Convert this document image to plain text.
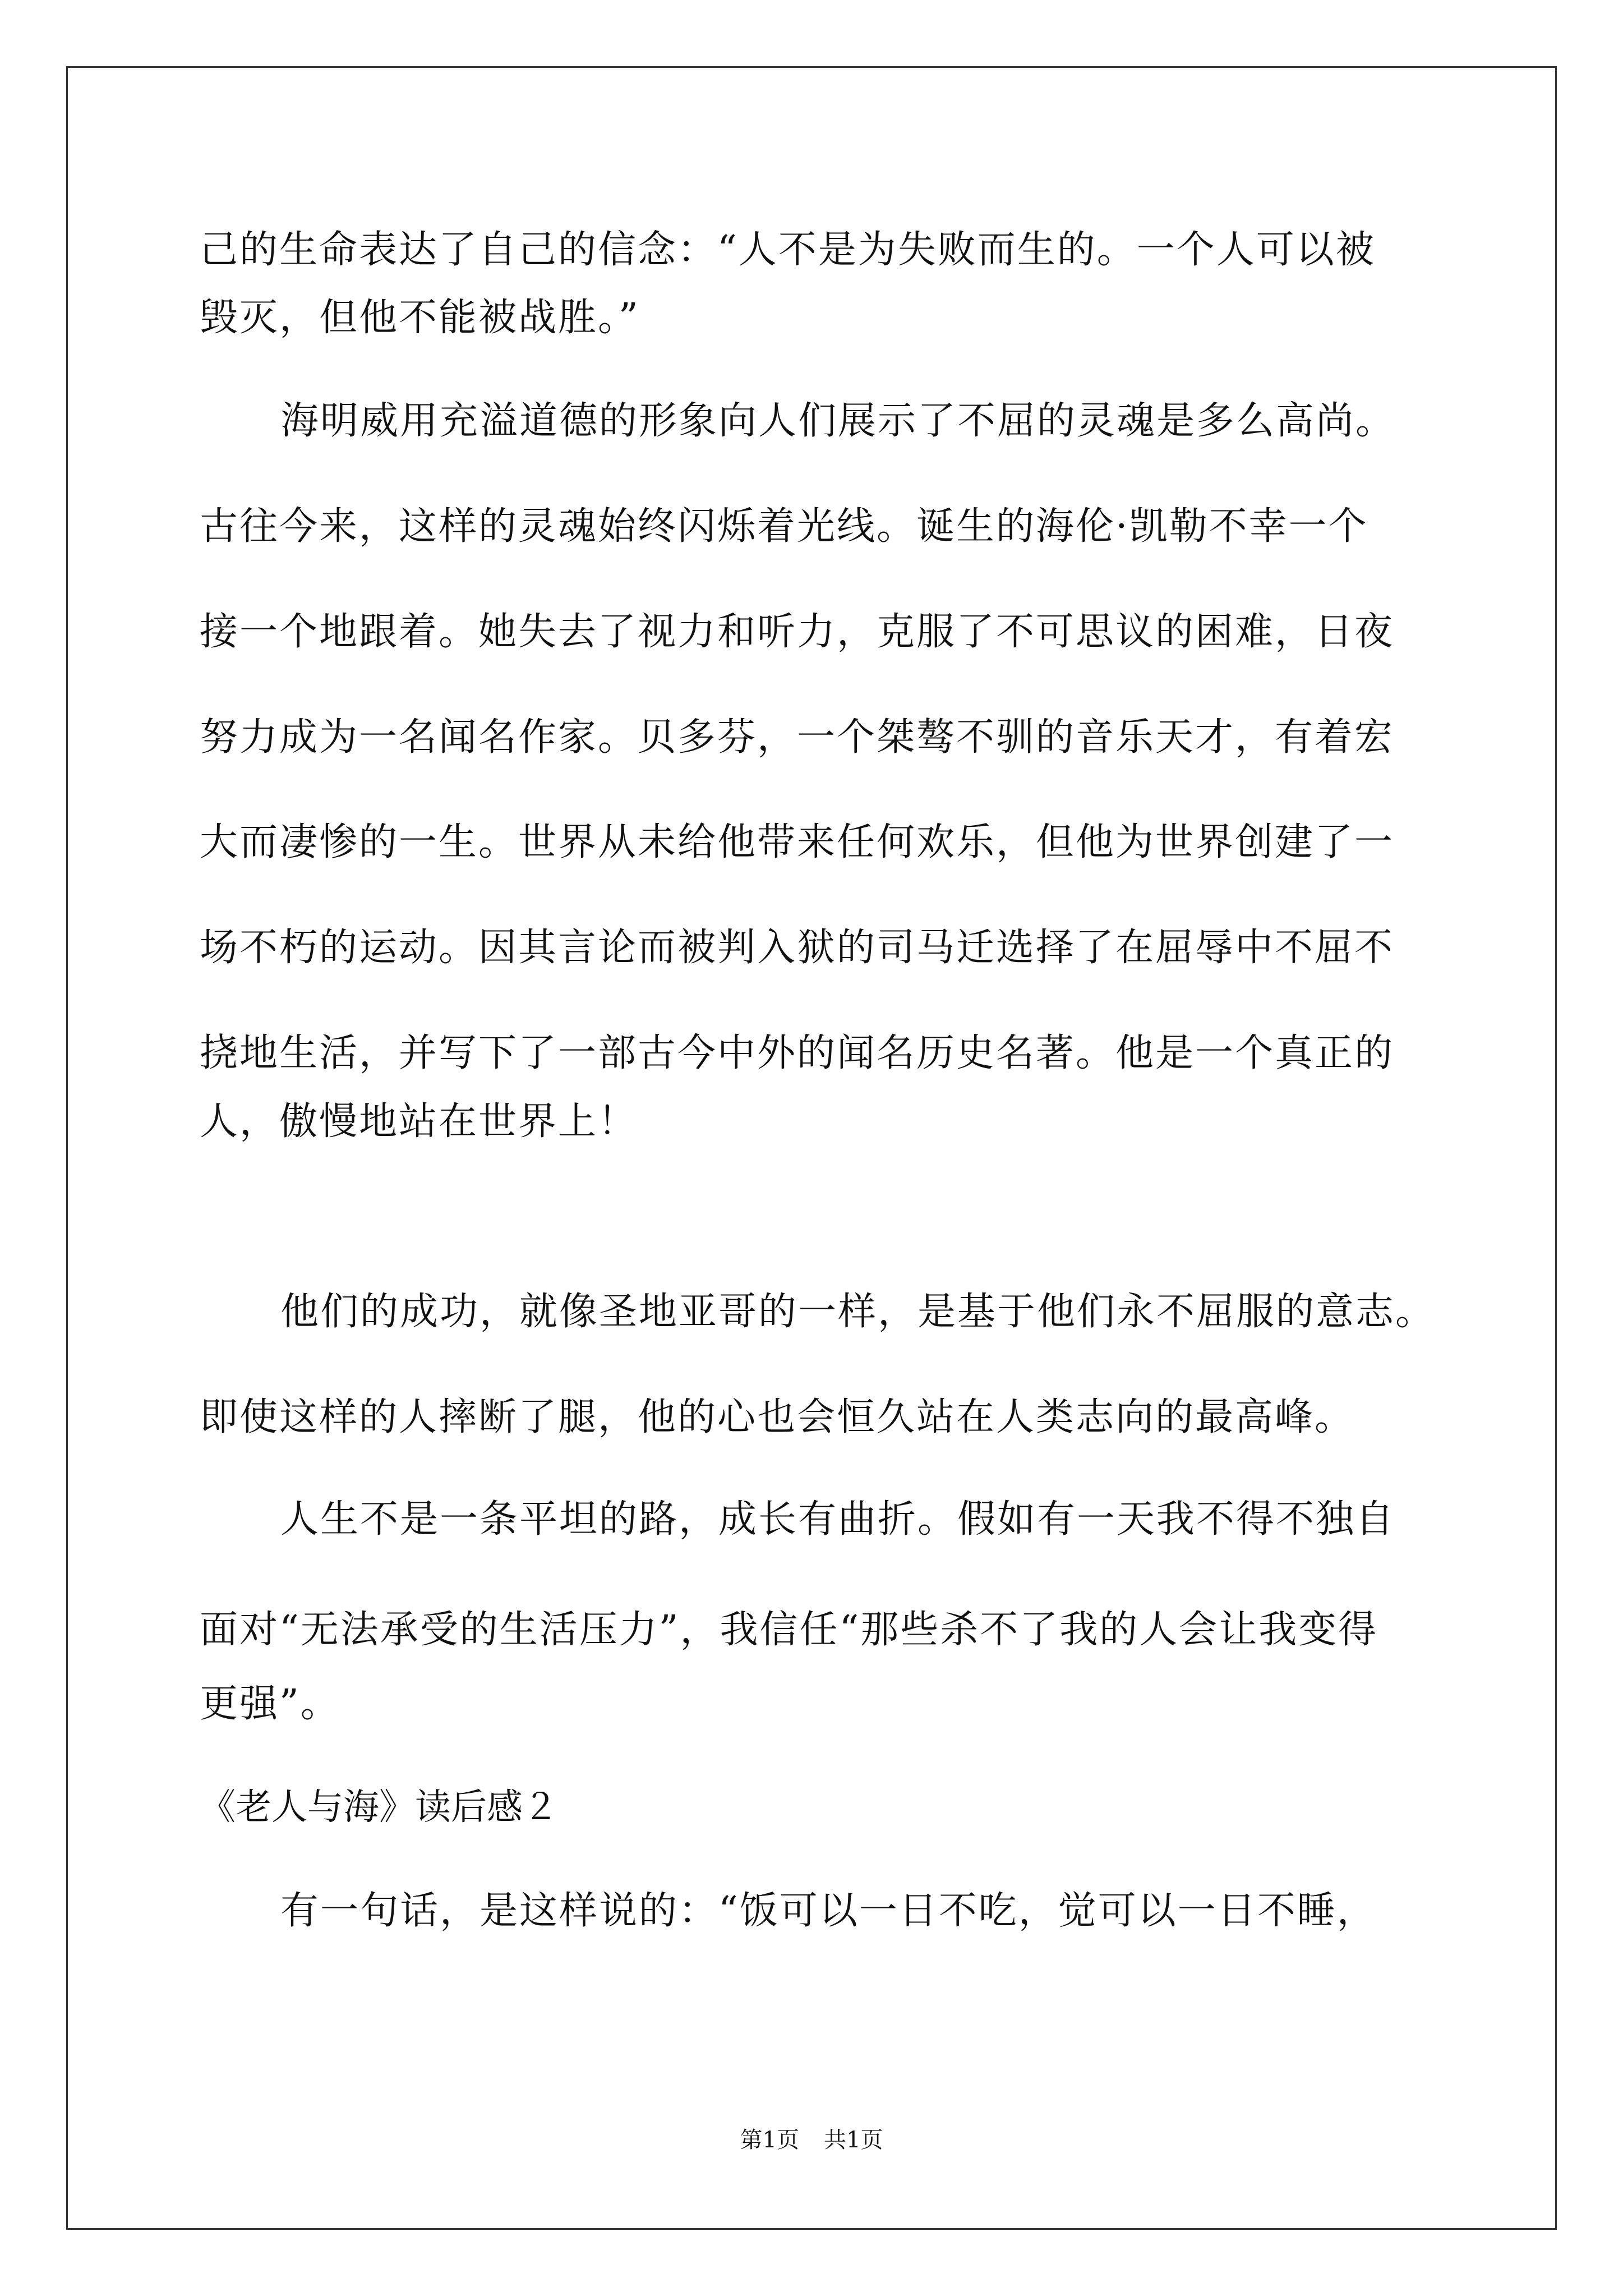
己的生命表达了自己的信念：“人不是为失败而生的。一个人可以被
毁灭，但他不能被战胜。”
海明威用充溢道德的形象向人们展示了不屈的灵魂是多么高尚。
古往今来，这样的灵魂始终闪烁着光线。诞生的海伦·凯勒不幸一个
接一个地跟着。她失去了视力和听力，克服了不可思议的困难，日夜
努力成为一名闻名作家。贝多芬，一个桀骜不驯的音乐天才，有着宏
大而凄惨的一生。世界从未给他带来任何欢乐，但他为世界创建了一
场不朽的运动。因其言论而被判入狱的司马迁选择了在屈辱中不屈不
挠地生活，并写下了一部古今中外的闻名历史名著。他是一个真正的
人，傲慢地站在世界上！
他们的成功，就像圣地亚哥的一样，是基于他们永不屈服的意志。
即使这样的人摔断了腿，他的心也会恒久站在人类志向的最高峰。
人生不是一条平坦的路，成长有曲折。假如有一天我不得不独自
面对“无法承受的生活压力”，我信任“那些杀不了我的人会让我变得
更强”。
《老人与海》读后感２
有一句话，是这样说的：“饭可以一日不吃，觉可以一日不睡，
第1页 共1页
